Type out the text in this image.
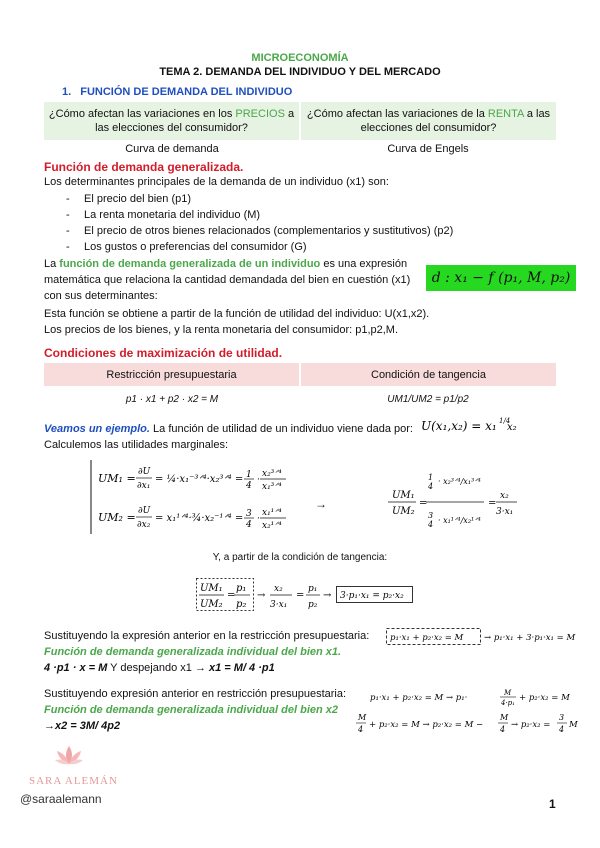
MICROECONOMÍA
TEMA 2. DEMANDA DEL INDIVIDUO Y DEL MERCADO
1. FUNCIÓN DE DEMANDA DEL INDIVIDUO
¿Cómo afectan las variaciones en los PRECIOS a las elecciones del consumidor?
¿Cómo afectan las variaciones de la RENTA a las elecciones del consumidor?
Curva de demanda	Curva de Engels
Función de demanda generalizada.
Los determinantes principales de la demanda de un individuo (x1) son:
- El precio del bien (p1)
- La renta monetaria del individuo (M)
- El precio de otros bienes relacionados (complementarios y sustitutivos) (p2)
- Los gustos o preferencias del consumidor (G)
La función de demanda generalizada de un individuo es una expresión
matemática que relaciona la cantidad demandada del bien en cuestión (x1)
con sus determinantes:
d : x₁ − f (p₁, M, p₂)
Esta función se obtiene a partir de la función de utilidad del individuo: U(x1,x2).
Los precios de los bienes, y la renta monetaria del consumidor: p1,p2,M.
Condiciones de maximización de utilidad.
Restricción presupuestaria	Condición de tangencia
p1 · x1 + p2 · x2 = M	UM1/UM2 = p1/p2
Veamos un ejemplo. La función de utilidad de un individuo viene dada por: U(x₁,x₂) = x₁ 1/4
x₂
Calculemos las utilidades marginales:
UM₁ = ∂U
∂x₁
= ¼·x₁⁻³ᐟ⁴·x₂³ᐟ⁴ =
UM₂ = ∂U
∂x₂
= x₁¹ᐟ⁴·¾·x₂⁻¹ᐟ⁴ =
1
4
·
x₂³ᐟ⁴
x₁³ᐟ⁴
3
4
·
x₁¹ᐟ⁴
x₂¹ᐟ⁴
→
UM₁
UM₂
=
1
4
· x₂³ᐟ⁴/x₁³ᐟ⁴
3
4 · x₁¹ᐟ⁴/x₂¹ᐟ⁴
=
x₂
3·x₁
Y, a partir de la condición de tangencia:
UM₁
UM₂
=
p₁
p₂
→
x₂
3·x₁
=
p₁
p₂
→ 3·p₁·x₁ = p₂·x₂
Sustituyendo la expresión anterior en la restricción presupuestaria: p₁·x₁ + p₂·x₂ = M → p₁·x₁ + 3·p₁·x₁ = M
Función de demanda generalizada individual del bien x1.
4 ·p1 · x = M Y despejando x1 → x1 = M/ 4 ·p1
Sustituyendo expresión anterior en restricción presupuestaria:
Función de demanda generalizada individual del bien x2
→x2 = 3M/ 4p2
p₁·x₁ + p₂·x₂ = M → p₁·	M
4·p₁ + p₂·x₂ = M
M
4 + p₂·x₂ = M → p₂·x₂ = M −
M
4 → p₂·x₂ =
3
4 M
SARA ALEMÁN
@saraalemann	1
